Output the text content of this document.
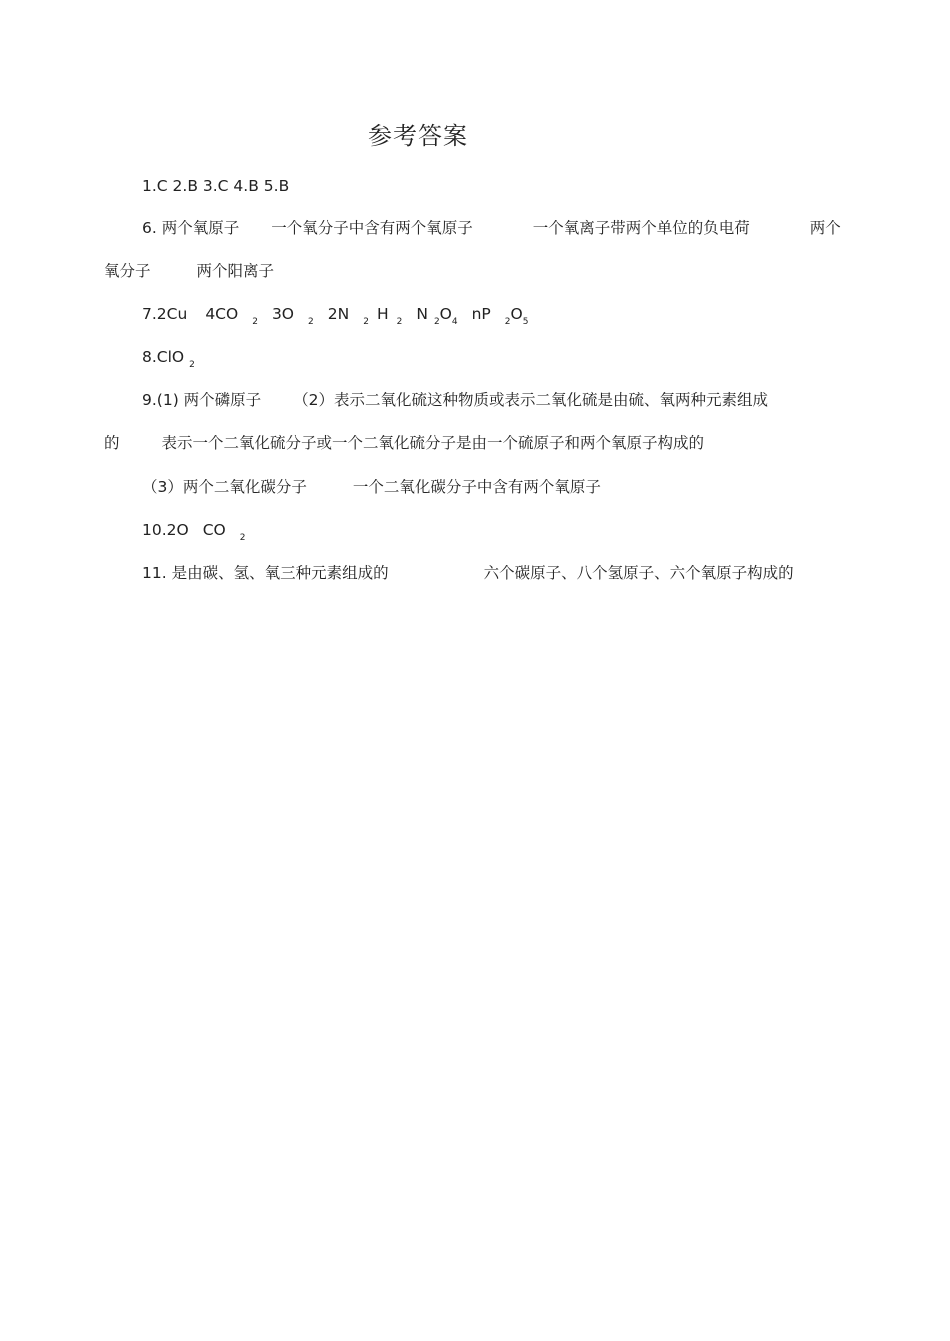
参考答案
1.C 2.B 3.C 4.B 5.B
6. 两个氧原子 一个氧分子中含有两个氧原子	一个氧离子带两个单位的负电荷	两个
氧分子	两个阳离子
7.2Cu 4CO $_2$ 3O $_2$ 2N $_2$ H $_2$ N $_2O_4$ nP $_2O_5$
8.ClO $_2$
9.(1) 两个磷原子 （2）表示二氧化硫这种物质或表示二氧化硫是由硫、氧两种元素组成
的	表示一个二氧化硫分子或一个二氧化硫分子是由一个硫原子和两个氧原子构成的
（3）两个二氧化碳分子	一个二氧化碳分子中含有两个氧原子
10.2O CO $_2$
11. 是由碳、氢、氧三种元素组成的	六个碳原子、八个氢原子、六个氧原子构成的
